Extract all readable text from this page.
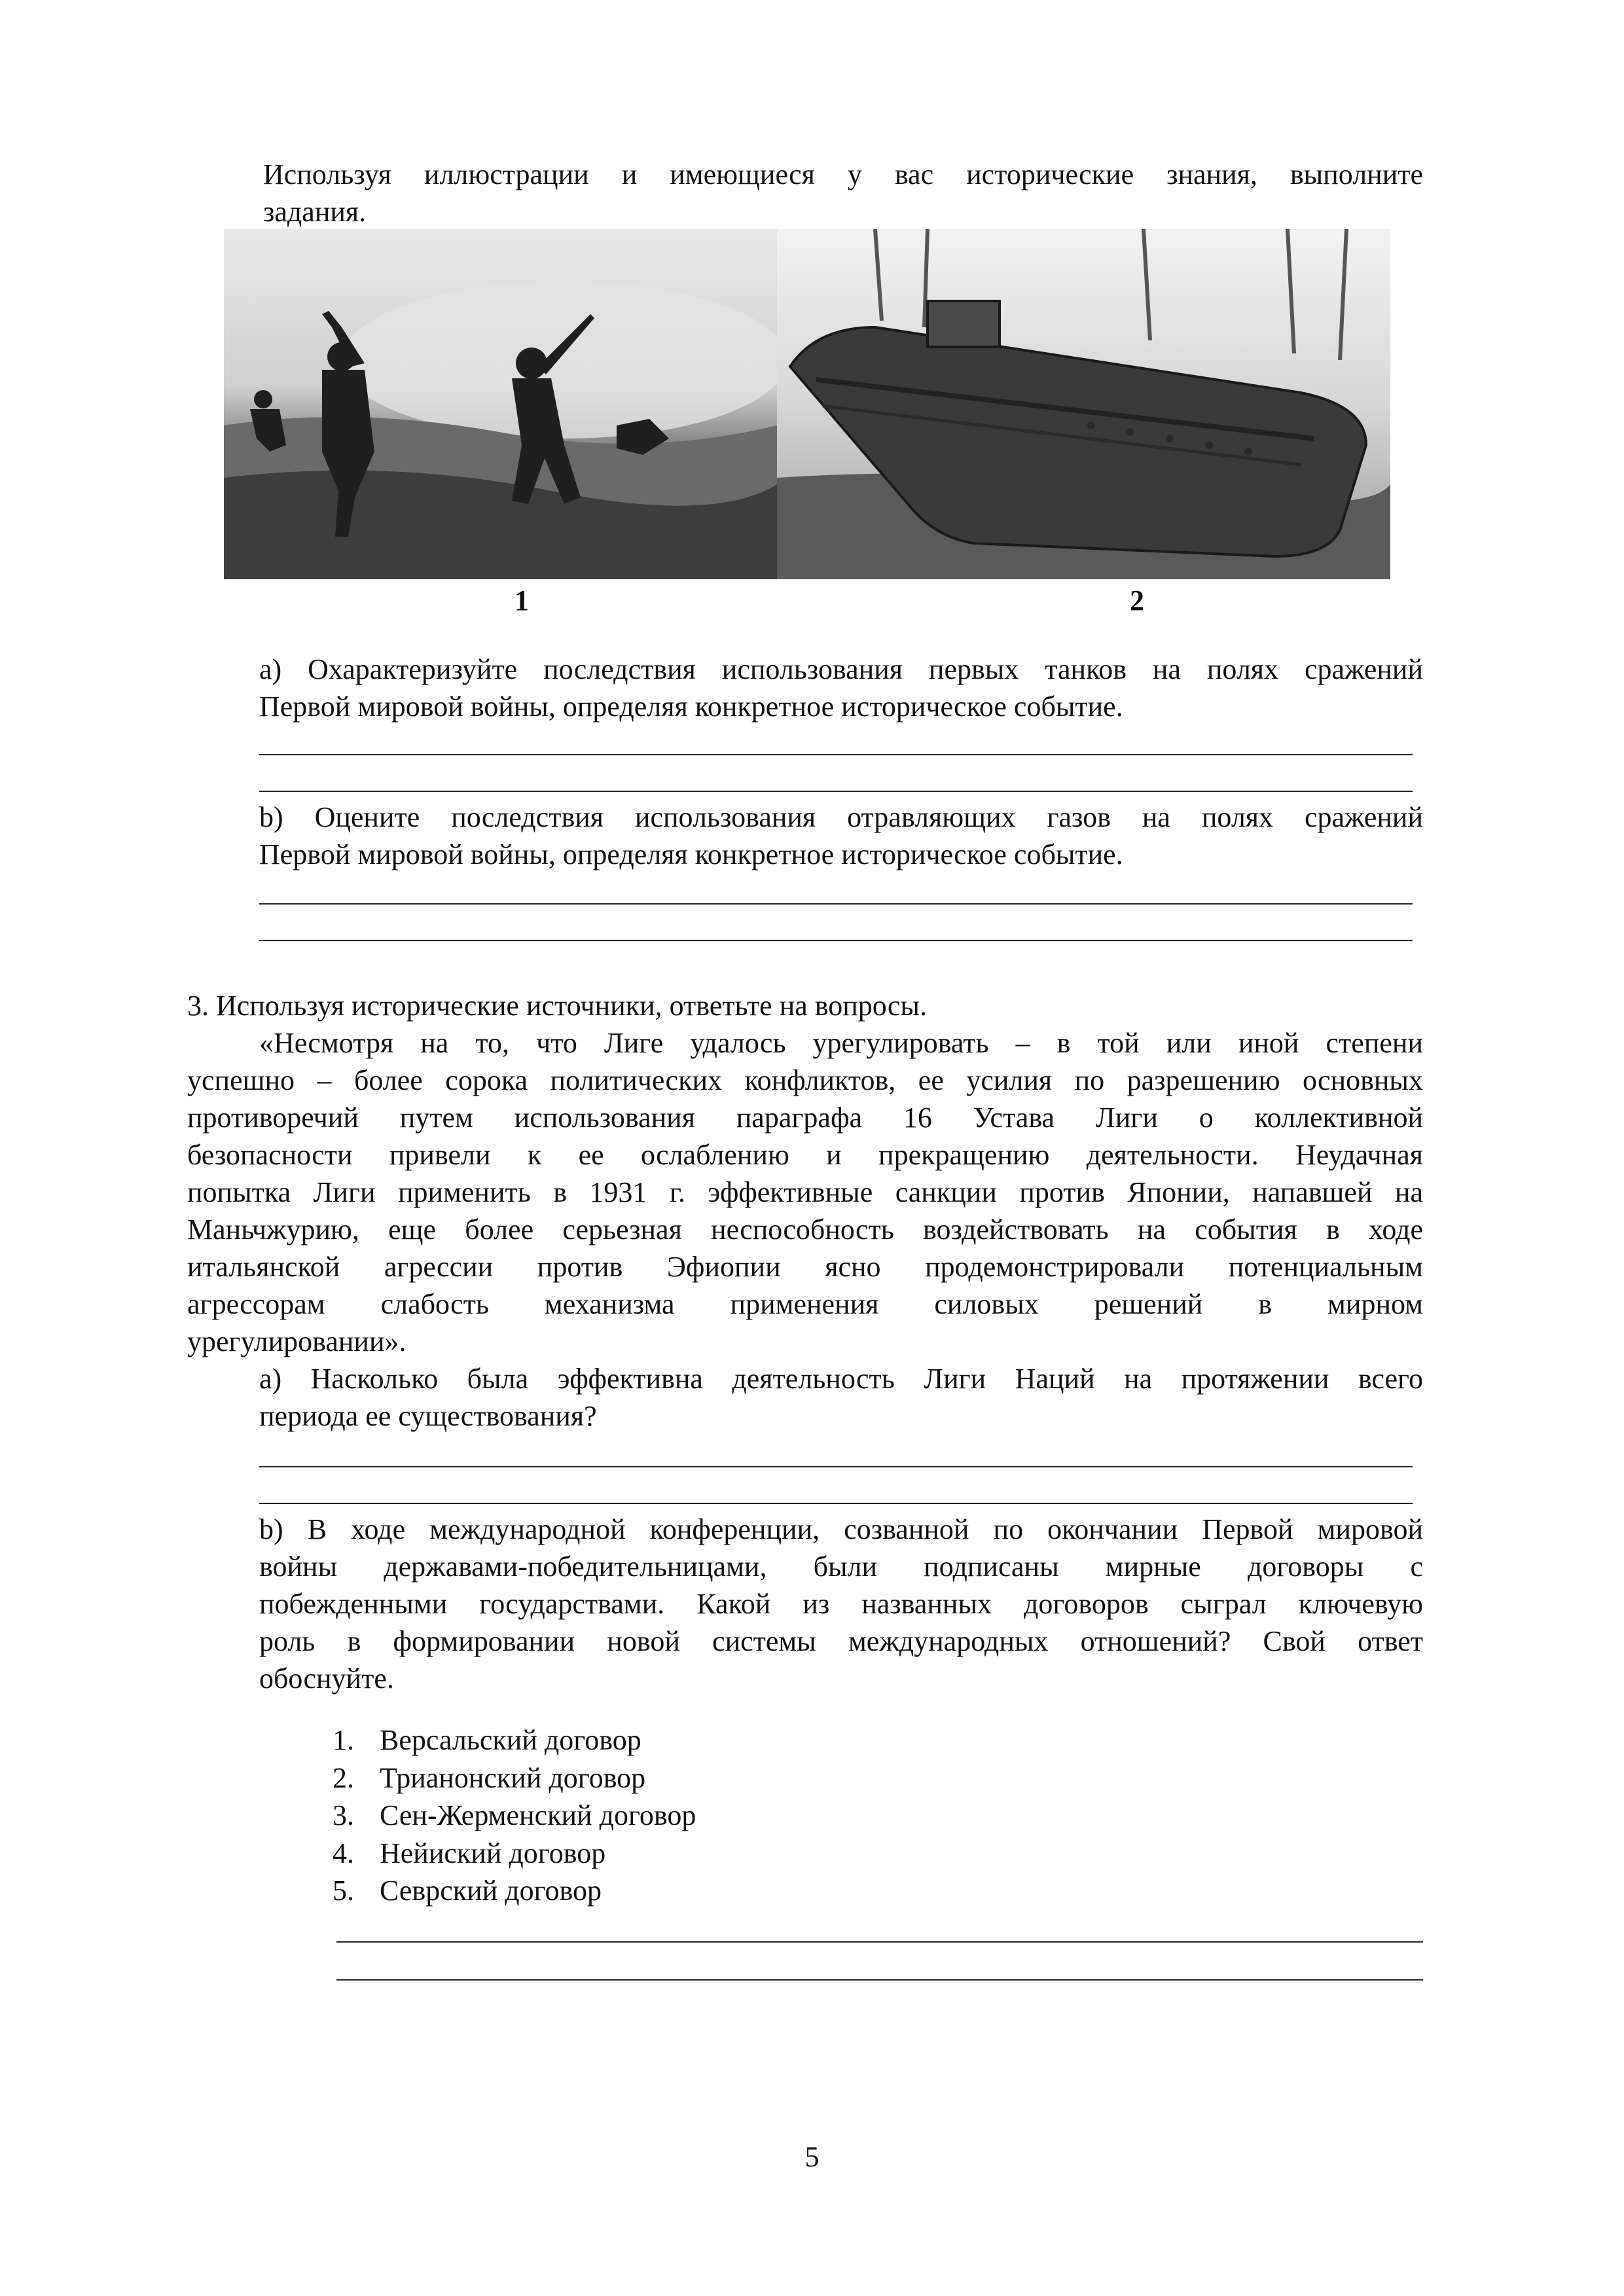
Используя иллюстрации и имеющиеся у вас исторические знания, выполните
задания.

1	2

a) Охарактеризуйте последствия использования первых танков на полях сражений
Первой мировой войны, определяя конкретное историческое событие.

b) Оцените последствия использования отравляющих газов на полях сражений
Первой мировой войны, определяя конкретное историческое событие.

3. Используя исторические источники, ответьте на вопросы.

«Несмотря на то, что Лиге удалось урегулировать – в той или иной степени
успешно – более сорока политических конфликтов, ее усилия по разрешению основных
противоречий путем использования параграфа 16 Устава Лиги о коллективной
безопасности привели к ее ослаблению и прекращению деятельности. Неудачная
попытка Лиги применить в 1931 г. эффективные санкции против Японии, напавшей на
Маньчжурию, еще более серьезная неспособность воздействовать на события в ходе
итальянской агрессии против Эфиопии ясно продемонстрировали потенциальным
агрессорам слабость механизма применения силовых решений в мирном
урегулировании».

a) Насколько была эффективна деятельность Лиги Наций на протяжении всего
периода ее существования?

b) В ходе международной конференции, созванной по окончании Первой мировой
войны державами-победительницами, были подписаны мирные договоры с
побежденными государствами. Какой из названных договоров сыграл ключевую
роль в формировании новой системы международных отношений? Свой ответ
обоснуйте.

1. Версальский договор
2. Трианонский договор
3. Сен-Жерменский договор
4. Нейиский договор
5. Севрский договор
5
